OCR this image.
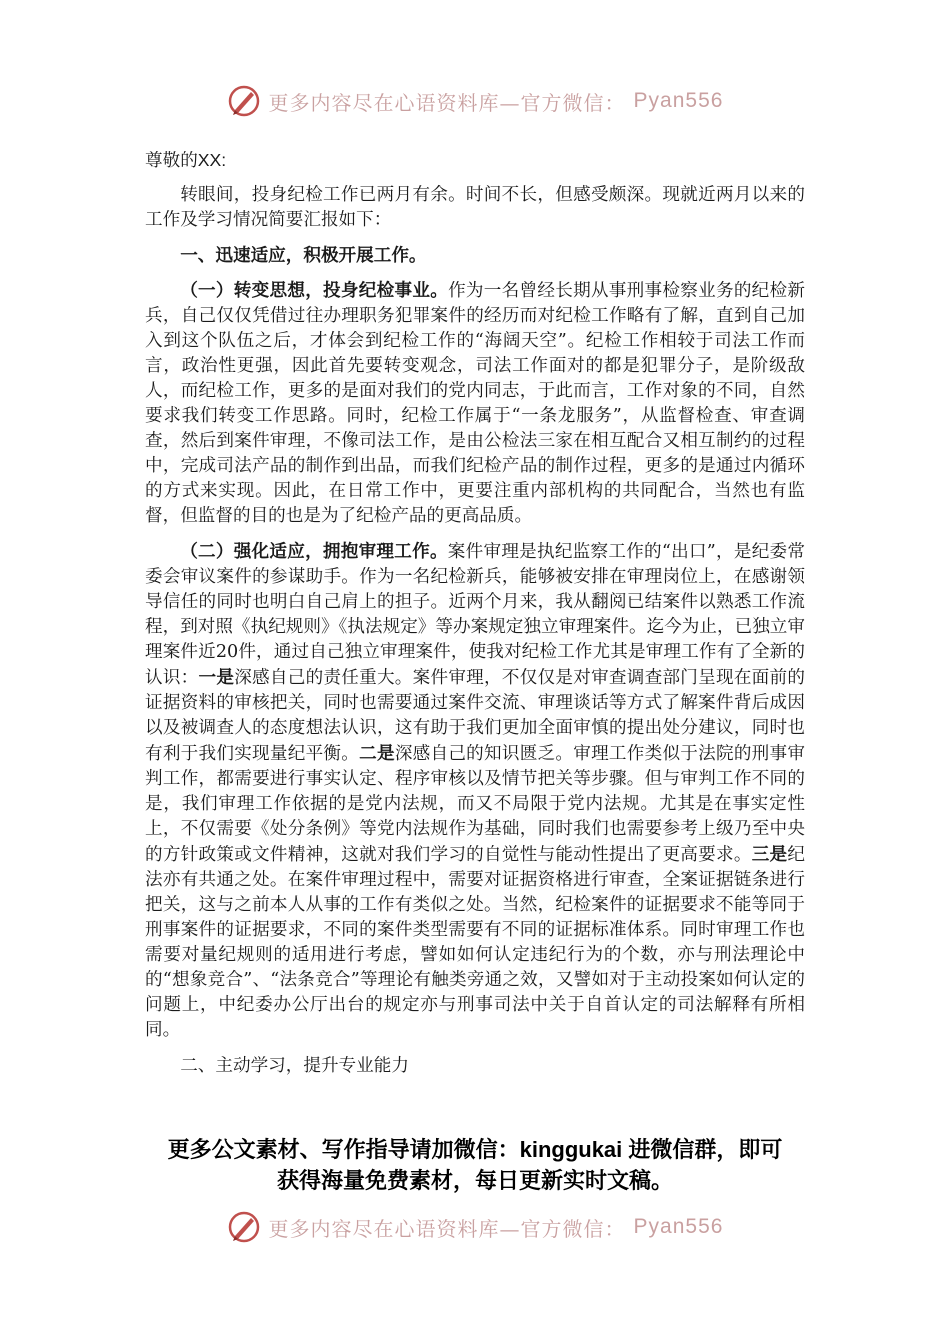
更多内容尽在心语资料库—官方微信： Pyan556

尊敬的XX:

转眼间，投身纪检工作已两月有余。时间不长，但感受颇深。现就近两月以来的工作及学习情况简要汇报如下：

一、迅速适应，积极开展工作。

（一）转变思想，投身纪检事业。作为一名曾经长期从事刑事检察业务的纪检新兵，自己仅仅凭借过往办理职务犯罪案件的经历而对纪检工作略有了解，直到自己加入到这个队伍之后，才体会到纪检工作的“海阔天空”。纪检工作相较于司法工作而言，政治性更强，因此首先要转变观念，司法工作面对的都是犯罪分子，是阶级敌人，而纪检工作，更多的是面对我们的党内同志，于此而言，工作对象的不同，自然要求我们转变工作思路。同时，纪检工作属于“一条龙服务”，从监督检查、审查调查，然后到案件审理，不像司法工作，是由公检法三家在相互配合又相互制约的过程中，完成司法产品的制作到出品，而我们纪检产品的制作过程，更多的是通过内循环的方式来实现。因此，在日常工作中，更要注重内部机构的共同配合，当然也有监督，但监督的目的也是为了纪检产品的更高品质。

（二）强化适应，拥抱审理工作。案件审理是执纪监察工作的“出口”，是纪委常委会审议案件的参谋助手。作为一名纪检新兵，能够被安排在审理岗位上，在感谢领导信任的同时也明白自己肩上的担子。近两个月来，我从翻阅已结案件以熟悉工作流程，到对照《执纪规则》《执法规定》等办案规定独立审理案件。迄今为止，已独立审理案件近20件，通过自己独立审理案件，使我对纪检工作尤其是审理工作有了全新的认识：一是深感自己的责任重大。案件审理，不仅仅是对审查调查部门呈现在面前的证据资料的审核把关，同时也需要通过案件交流、审理谈话等方式了解案件背后成因以及被调查人的态度想法认识，这有助于我们更加全面审慎的提出处分建议，同时也有利于我们实现量纪平衡。二是深感自己的知识匮乏。审理工作类似于法院的刑事审判工作，都需要进行事实认定、程序审核以及情节把关等步骤。但与审判工作不同的是，我们审理工作依据的是党内法规，而又不局限于党内法规。尤其是在事实定性上，不仅需要《处分条例》等党内法规作为基础，同时我们也需要参考上级乃至中央的方针政策或文件精神，这就对我们学习的自觉性与能动性提出了更高要求。三是纪法亦有共通之处。在案件审理过程中，需要对证据资格进行审查，全案证据链条进行把关，这与之前本人从事的工作有类似之处。当然，纪检案件的证据要求不能等同于刑事案件的证据要求，不同的案件类型需要有不同的证据标准体系。同时审理工作也需要对量纪规则的适用进行考虑，譬如如何认定违纪行为的个数，亦与刑法理论中的“想象竞合”、“法条竞合”等理论有触类旁通之效，又譬如对于主动投案如何认定的问题上，中纪委办公厅出台的规定亦与刑事司法中关于自首认定的司法解释有所相同。

二、主动学习，提升专业能力

更多公文素材、写作指导请加微信：kinggukai 进微信群，即可
获得海量免费素材，每日更新实时文稿。
更多内容尽在心语资料库—官方微信： Pyan556
